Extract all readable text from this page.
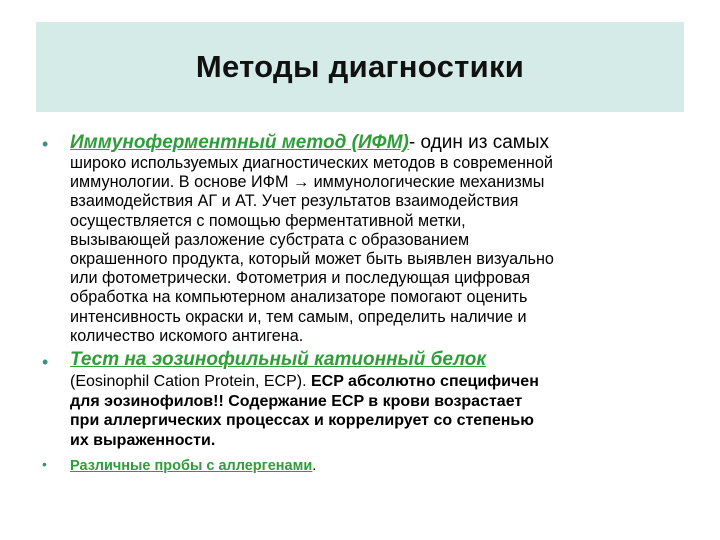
Методы диагностики
• Иммуноферментный метод (ИФМ)- один из самых
широко используемых диагностических методов в современной
иммунологии. В основе ИФМ → иммунологические механизмы
взаимодействия АГ и АТ. Учет результатов взаимодействия
осуществляется с помощью ферментативной метки,
вызывающей разложение субстрата с образованием
окрашенного продукта, который может быть выявлен визуально
или фотометрически. Фотометрия и последующая цифровая
обработка на компьютерном анализаторе помогают оценить
интенсивность окраски и, тем самым, определить наличие и
количество искомого антигена.
• Тест на эозинофильный катионный белок
(Eosinophil Cation Protein, ECP). ECP абсолютно специфичен
для эозинофилов!! Содержание ECP в крови возрастает
при аллергических процессах и коррелирует со степенью
их выраженности.
• Различные пробы с аллергенами.
